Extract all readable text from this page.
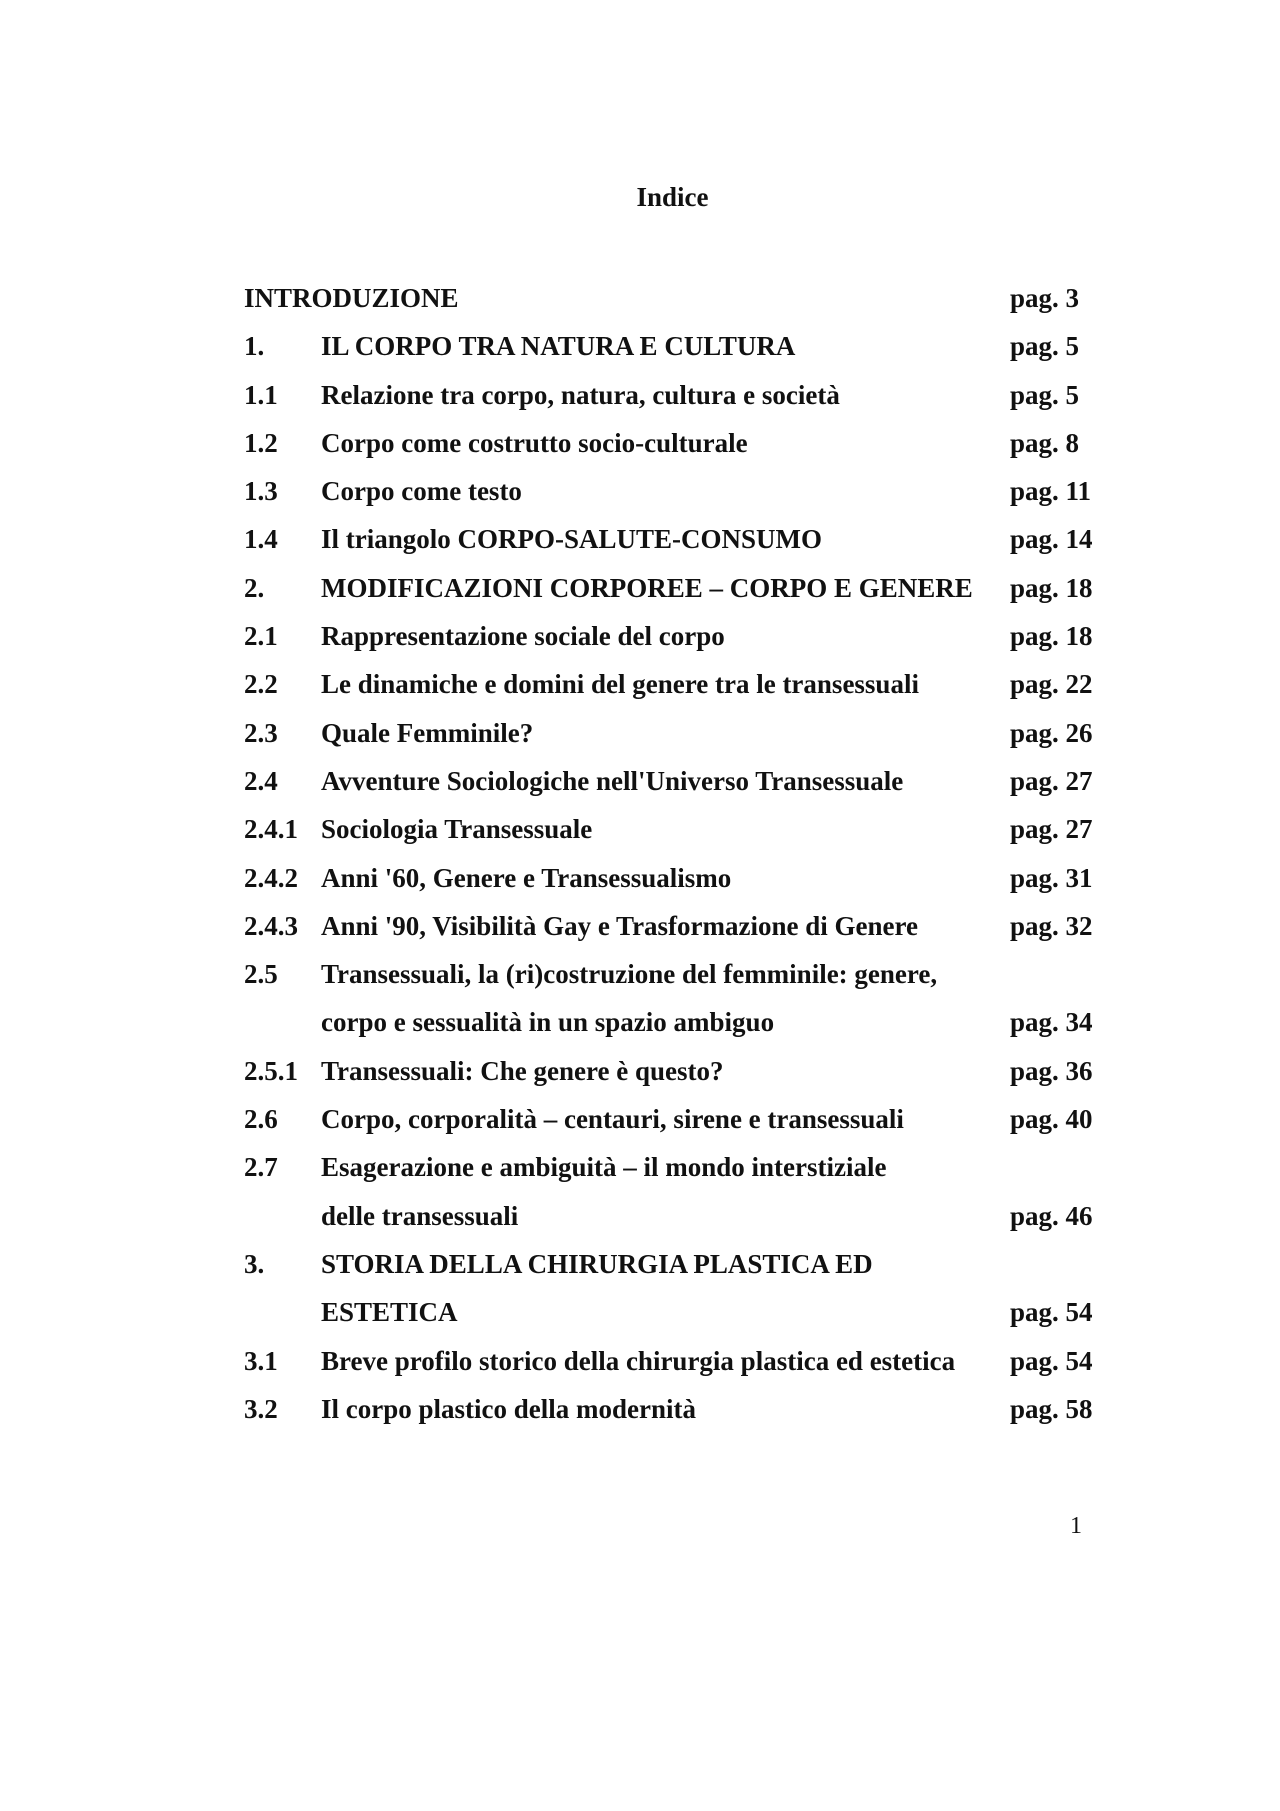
Indice
INTRODUZIONE	pag. 3
1. IL CORPO TRA NATURA E CULTURA	pag. 5
1.1 Relazione tra corpo, natura, cultura e società	pag. 5
1.2 Corpo come costrutto socio-culturale	pag. 8
1.3 Corpo come testo	pag. 11
1.4 Il triangolo CORPO-SALUTE-CONSUMO	pag. 14
2. MODIFICAZIONI CORPOREE – CORPO E GENERE pag. 18
2.1 Rappresentazione sociale del corpo	pag. 18
2.2 Le dinamiche e domini del genere tra le transessuali	pag. 22
2.3 Quale Femminile?	pag. 26
2.4 Avventure Sociologiche nell'Universo Transessuale	pag. 27
2.4.1 Sociologia Transessuale	pag. 27
2.4.2 Anni '60, Genere e Transessualismo	pag. 31
2.4.3 Anni '90, Visibilità Gay e Trasformazione di Genere	pag. 32
2.5 Transessuali, la (ri)costruzione del femminile: genere,
corpo e sessualità in un spazio ambiguo	pag. 34
2.5.1 Transessuali: Che genere è questo?	pag. 36
2.6 Corpo, corporalità – centauri, sirene e transessuali	pag. 40
2.7 Esagerazione e ambiguità – il mondo interstiziale
delle transessuali	pag. 46
3. STORIA DELLA CHIRURGIA PLASTICA ED
ESTETICA	pag. 54
3.1 Breve profilo storico della chirurgia plastica ed estetica pag. 54
3.2 Il corpo plastico della modernità	pag. 58

1
